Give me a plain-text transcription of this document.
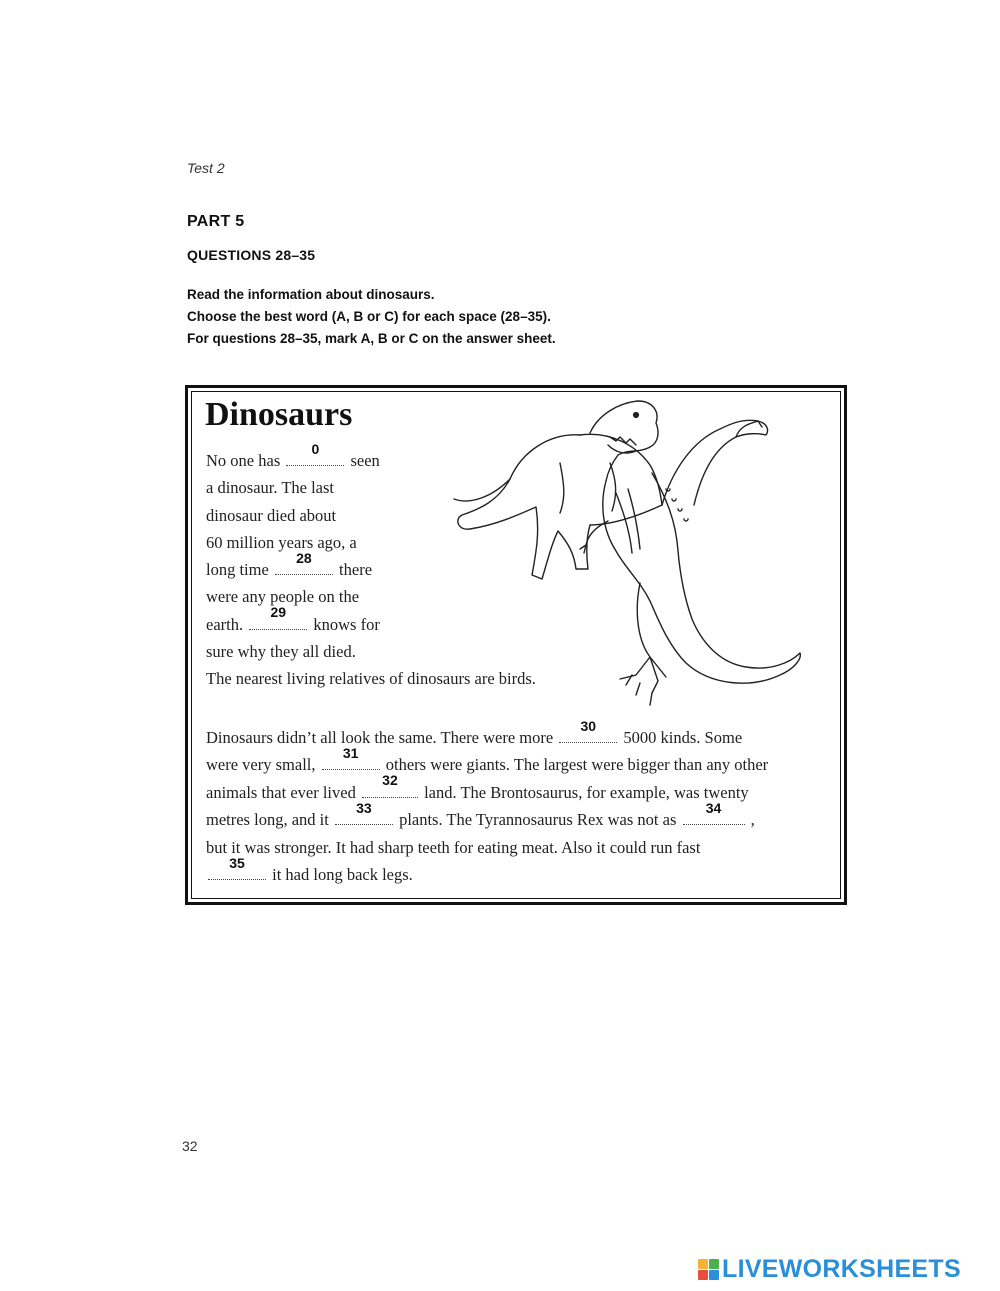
Test 2
PART 5
QUESTIONS 28–35
Read the information about dinosaurs.
Choose the best word (A, B or C) for each space (28–35).
For questions 28–35, mark A, B or C on the answer sheet.
Dinosaurs
No one has
0
seen
a dinosaur. The last
dinosaur died about
60 million years ago, a
long time
28
there
were any people on the
earth.
29
knows for
sure why they all died.
The nearest living relatives of dinosaurs are birds.
Dinosaurs didn’t all look the same. There were more
30
5000 kinds. Some
were very small,
31
others were giants. The largest were bigger than any other
animals that ever lived
32
land. The Brontosaurus, for example, was twenty
metres long, and it
33
plants. The Tyrannosaurus Rex was not as
34
,
but it was stronger. It had sharp teeth for eating meat. Also it could run fast
35
it had long back legs.
32
LIVEWORKSHEETS
